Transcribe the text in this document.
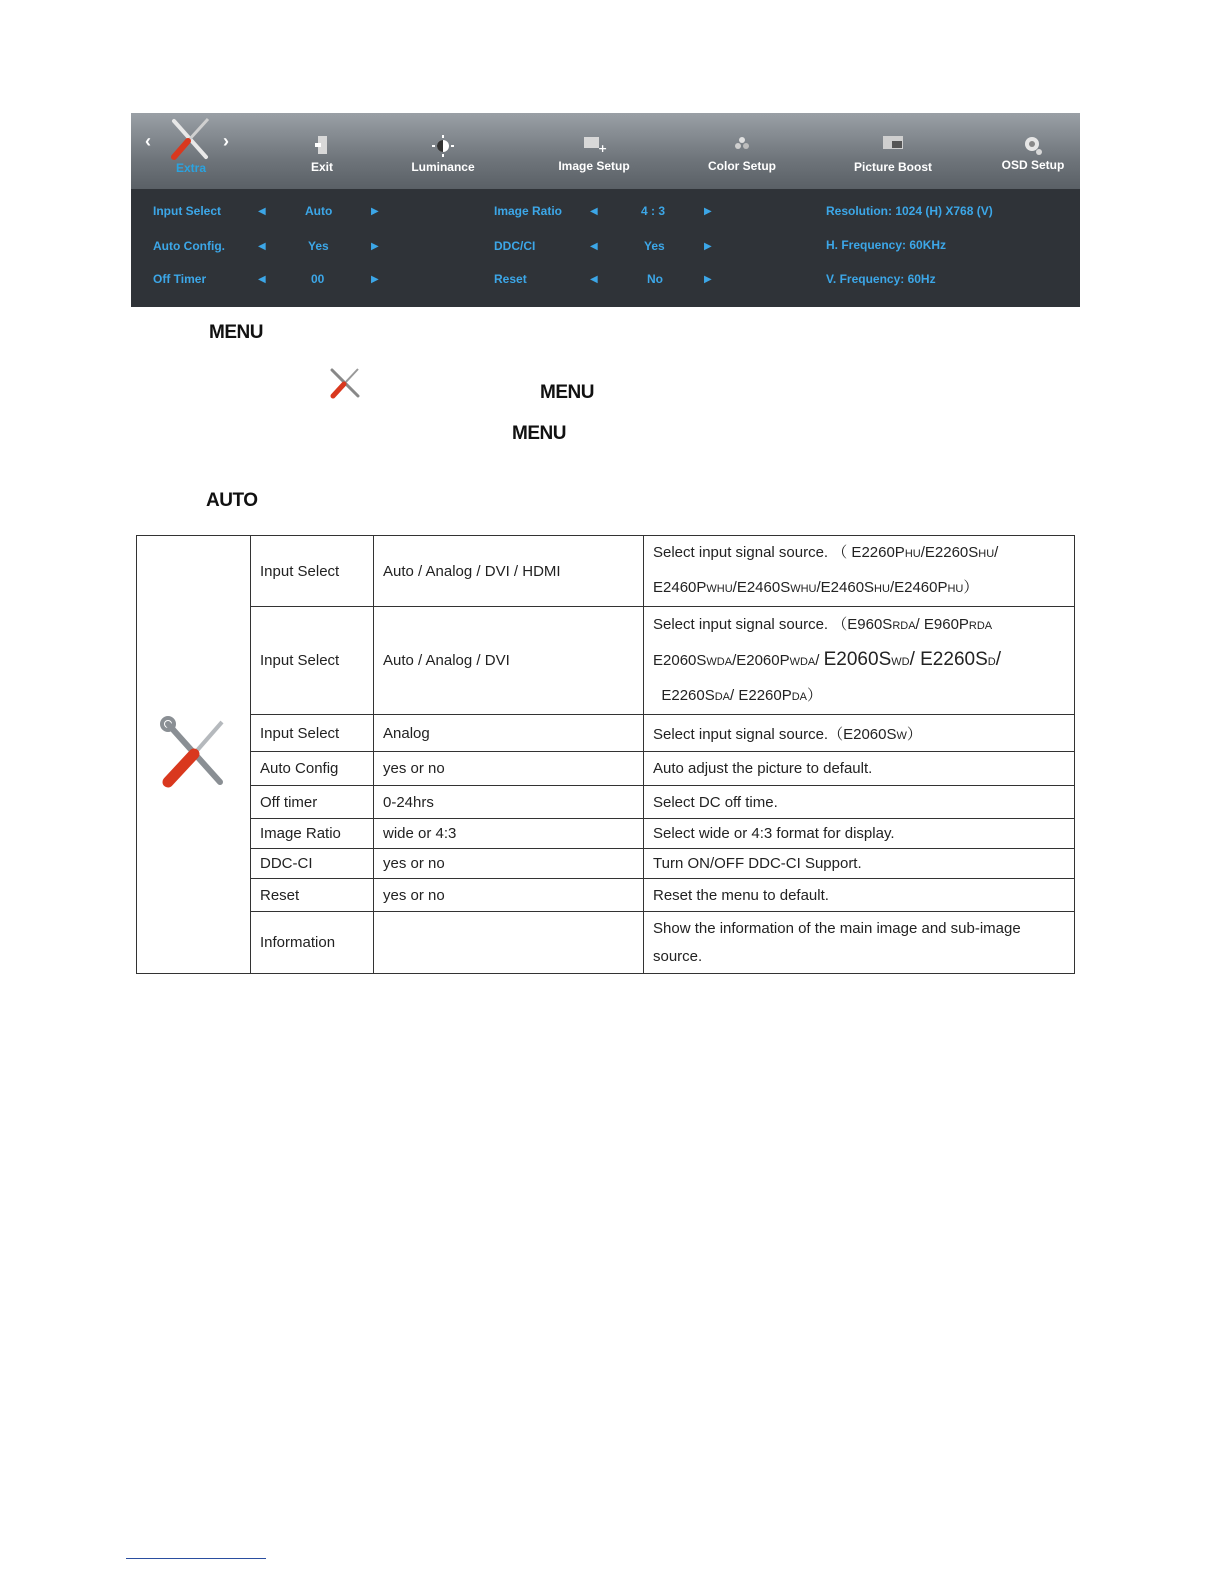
‹	›
Extra	Exit	Luminance
+
Image Setup	Color Setup	Picture Boost	OSD Setup
Input Select	◀	Auto	▶	Image Ratio	◀	4 : 3	▶	Resolution: 1024 (H) X768 (V)
Auto Config.	◀	Yes	▶	DDC/CI	◀	Yes	▶	H. Frequency: 60KHz
Off Timer	◀	00	▶	Reset	◀	No	▶	V. Frequency: 60Hz
MENU
MENU
MENU
AUTO
	Input Select	Auto / Analog / DVI / HDMI	Select input signal source. （ E2260PHU/E2260SHU/
E2460PWHU/E2460SWHU/E2460SHU/E2460PHU）
	Input Select	Auto / Analog / DVI	Select input signal source. （E960SRDA/ E960PRDA
E2060SWDA/E2060PWDA/ E2060SWD/ E2260SD/
E2260SDA/ E2260PDA）
	Input Select	Analog	Select input signal source.（E2060SW）
	Auto Config	yes or no	Auto adjust the picture to default.
	Off timer	0-24hrs	Select DC off time.
	Image Ratio	wide or 4:3	Select wide or 4:3 format for display.
	DDC-CI	yes or no	Turn ON/OFF DDC-CI Support.
	Reset	yes or no	Reset the menu to default.
	Information		Show the information of the main image and sub-image source.
